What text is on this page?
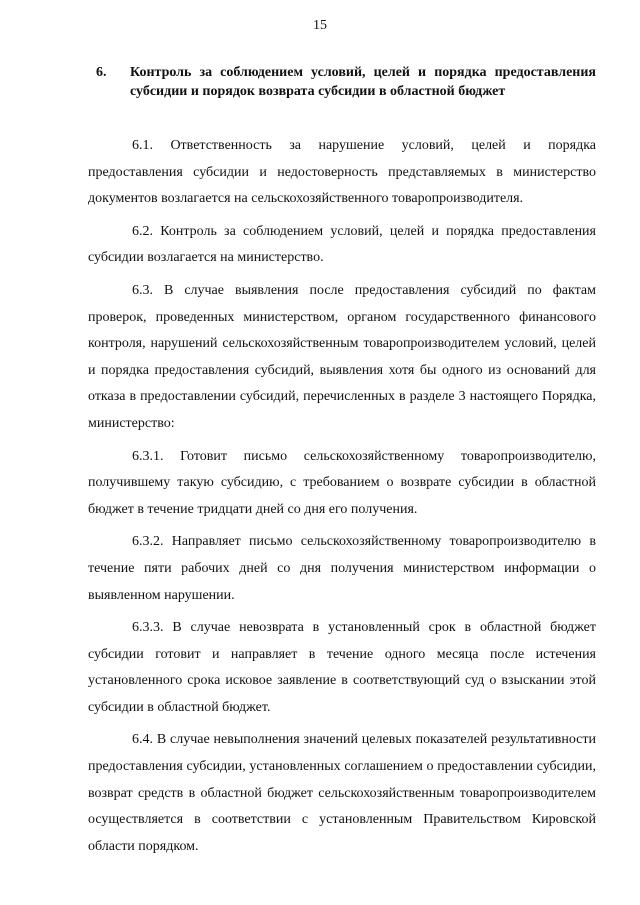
15
6.	Контроль за соблюдением условий, целей и порядка предоставления субсидии и порядок возврата субсидии в областной бюджет

6.1. Ответственность за нарушение условий, целей и порядка предоставления субсидии и недостоверность представляемых в министерство документов возлагается на сельскохозяйственного товаропроизводителя.

6.2. Контроль за соблюдением условий, целей и порядка предоставления субсидии возлагается на министерство.

6.3. В случае выявления после предоставления субсидий по фактам проверок, проведенных министерством, органом государственного финансового контроля, нарушений сельскохозяйственным товаропроизводителем условий, целей и порядка предоставления субсидий, выявления хотя бы одного из оснований для отказа в предоставлении субсидий, перечисленных в разделе 3 настоящего Порядка, министерство:

6.3.1. Готовит письмо сельскохозяйственному товаропроизводителю, получившему такую субсидию, с требованием о возврате субсидии в областной бюджет в течение тридцати дней со дня его получения.

6.3.2. Направляет письмо сельскохозяйственному товаропроизводителю в течение пяти рабочих дней со дня получения министерством информации о выявленном нарушении.

6.3.3. В случае невозврата в установленный срок в областной бюджет субсидии готовит и направляет в течение одного месяца после истечения установленного срока исковое заявление в соответствующий суд о взыскании этой субсидии в областной бюджет.

6.4. В случае невыполнения значений целевых показателей результативности предоставления субсидии, установленных соглашением о предоставлении субсидии, возврат средств в областной бюджет сельскохозяйственным товаропроизводителем осуществляется в соответствии с установленным Правительством Кировской области порядком.
